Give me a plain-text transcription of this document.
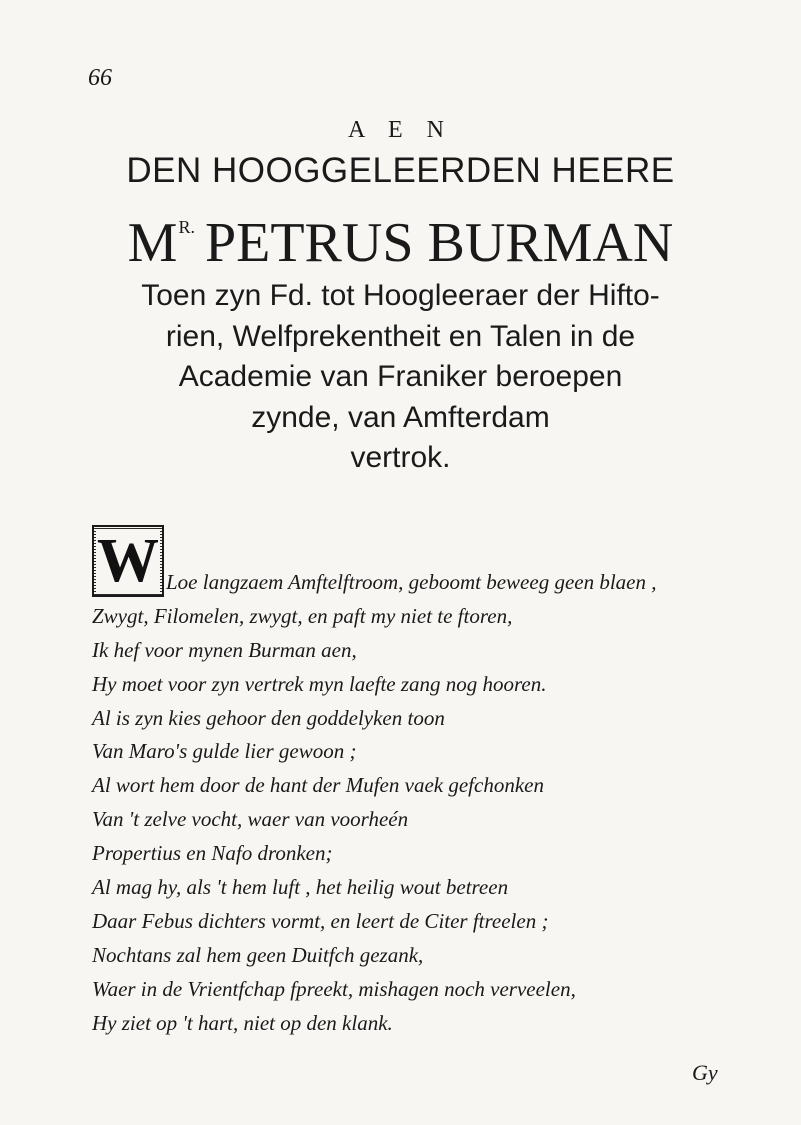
66
A E N
DEN HOOGGELEERDEN HEERE
$M^{R.}$ PETRUS BURMAN
Toen zyn Fd. tot Hoogleeraer der Hifto-
rien, Welfprekentheit en Talen in de
Academie van Franiker beroepen
zynde, van Amfterdam
vertrok.
W Loe langzaem Amftelftroom, geboomt beweeg geen blaen ,
Zwygt, Filomelen, zwygt, en paft my niet te ftoren,
Ik hef voor mynen Burman aen,
Hy moet voor zyn vertrek myn laefte zang nog hooren.
Al is zyn kies gehoor den goddelyken toon
Van Maro's gulde lier gewoon ;
Al wort hem door de hant der Mufen vaek gefchonken
Van 't zelve vocht, waer van voorheén
Propertius en Nafo dronken;
Al mag hy, als 't hem luft , het heilig wout betreen
Daar Febus dichters vormt, en leert de Citer ftreelen ;
Nochtans zal hem geen Duitfch gezank,
Waer in de Vrientfchap fpreekt, mishagen noch verveelen,
Hy ziet op 't hart, niet op den klank.
Gy
